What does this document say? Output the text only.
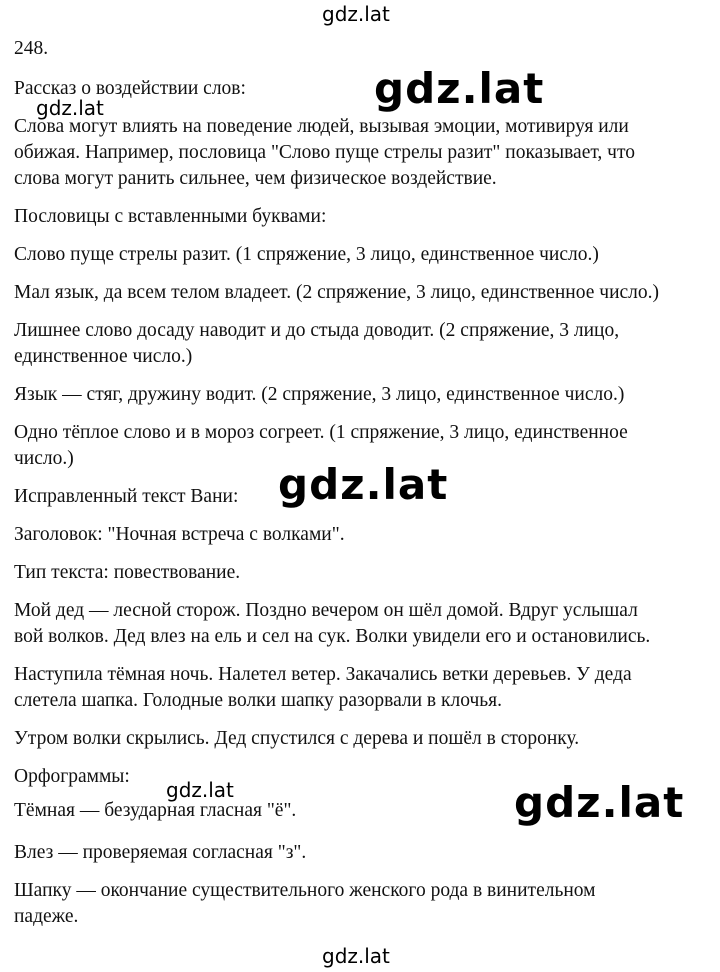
gdz.lat

248.

Рассказ о воздействии слов:

gdz.lat	gdz.lat

Слова могут влиять на поведение людей, вызывая эмоции, мотивируя или

обижая. Например, пословица "Слово пуще стрелы разит" показывает, что

слова могут ранить сильнее, чем физическое воздействие.

Пословицы с вставленными буквами:

Слово пуще стрелы разит. (1 спряжение, 3 лицо, единственное число.)

Мал язык, да всем телом владеет. (2 спряжение, 3 лицо, единственное число.)

Лишнее слово досаду наводит и до стыда доводит. (2 спряжение, 3 лицо,

единственное число.)

Язык — стяг, дружину водит. (2 спряжение, 3 лицо, единственное число.)

Одно тёплое слово и в мороз согреет. (1 спряжение, 3 лицо, единственное

число.)

Исправленный текст Вани: gdz.lat

Заголовок: "Ночная встреча с волками".

Тип текста: повествование.

Мой дед — лесной сторож. Поздно вечером он шёл домой. Вдруг услышал

вой волков. Дед влез на ель и сел на сук. Волки увидели его и остановились.

Наступила тёмная ночь. Налетел ветер. Закачались ветки деревьев. У деда

слетела шапка. Голодные волки шапку разорвали в клочья.

Утром волки скрылись. Дед спустился с дерева и пошёл в сторонку.

Орфограммы:

gdz.lat	gdz.lat

Тёмная — безударная гласная "ё".

Влез — проверяемая согласная "з".

Шапку — окончание существительного женского рода в винительном

падеже.

gdz.lat
